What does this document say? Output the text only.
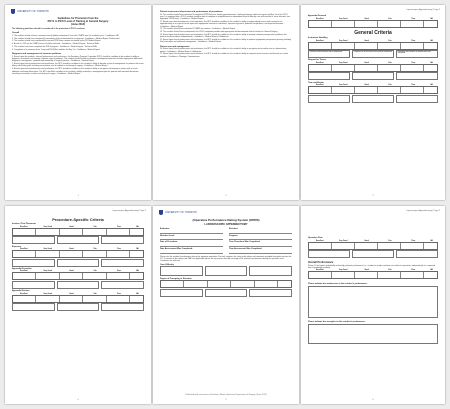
UNIVERSITY OF TORONTO
Guidelines for Promotion from the
PGY1 to PGY2 Level of Training in General Surgery
(June 2013)
The following guidelines should be considered in the promotion of PGY1 residents:
Overall

1. The resident should achieve a minimum overall global evaluation of 3 on each OSATS over the academic year - Confidence - All

2. The resident should have completed 4 procedures of the professionalism assignment - Confidence - Medical Expert, Professional

3. The resident should have completed the practice PRSI exam content accounted by the PD Medical Expert

4. A rank of >15% on the OSATS exam should be achieved - Confidence - Medical Expert - Technical Skills

5. The resident must have completed the PGLS program - Confidence - Medical Expert - Technical Skills

6. Completion of a minimum of the 3 required PGLS(lite) modules for May 1st - Confidence - Medical Expert

Diagnosis and management of common problems

1. Based upon the resident's informal performance and evaluations, the Residency Program Committee (RPC) should be confident in the resident's ability to diagnose, re-evaluate and manage common surgical problems. The resident should be able to develop a management plan that includes appropriate differential diagnoses, investigation, treatment and monitoring of surgical patients - Confidence - Medical Expert

2. Based upon clinical performance and evaluations, the RPC should be confident in the resident's ability to develop a plan of management for patients with acute biliary colic/cholecystitis including resuscitation, use of antibiotics and timing of surgery - Confidence - Medical Expert

3. Based upon clinical performance and evaluations, the RPC should be confident in the resident's ability to recognize and manage a patient with an acute abdomen and bowel obstruction. The RPC should be confident in the resident's ability to develop a management plan for patients with intestinal obstruction including resuscitation, nutrition and timing of surgery - Confidence - Medical Expert

1
Patient assessment discussion and performance of procedures

10. The resident should have submitted 3 completed OPRS forms for simple appendectomies, cholecystectomies and hernia repairs by May 1st of the PGY1 year. It is expected that a PGY1 resident should be able to complete a straightforward or intermediate level of difficulty case with minimal or some direction (see appended OPRS form) - Confidence - Medical Expert

11. Based upon clinical performance and evaluations, the RPC should be confident in the resident's ability to independently assess and consent for an appendectomy or an inguinal hernia repair with appropriate attention to indications, operative approach, potential complications, and expected outcome - Confidence - Medical Expert

12. The resident should have submitted 3 OSATS per rotation - Confidence - Medical Expert

13. The resident should have participated in the PGL1 competent portfolio with appropriate and documented clinical activities in General Surgery

14. Based upon clinical performance and evaluations, the RPC should be confident in the resident's ability to manage common postoperative problems and perform ward procedures independently - Confidence - Medical Expert, Collaborator

15. Based upon clinical performance and evaluations, the RPC should be confident in the resident's ability to perform appropriate preoperative planning including fluid, electrolyte and nutritional management - Confidence - Medical Expert

Patient care and management

16. Based upon clinical performance and evaluations, the RPC should be confident in the resident's ability to recognize and escalate care in a deteriorating patient - Confidence - Medical Expert, Collaborator

17. Based upon clinical performance and evaluations, the RPC should be confident in the resident's ability to supervise junior learners and function as a team member - Confidence - Manager, Communicator

2
Laparoscopic Appendectomy | Page 2
Appendix Removal
Excellent	Very Good	Good	Fair	Poor	NA
General Criteria
Instrument Handling
Excellent	Very Good	Good	Fair	Poor	NA
Fluid moves with instruments and no awkwardness	Competent use of instruments with occasional awkwardness	Repeatedly makes tentative or awkward moves with instruments
Respect for Tissue
Excellent	Very Good	Good	Fair	Poor	NA
Time and Motion
Excellent	Very Good	Good	Fair	Poor	NA
3
Laparoscopic Appendectomy | Page 2
Procedure-Specific Criteria
Incision / Port Placement
Excellent	Very Good	Good	Fair	Poor	NA
Exposure
Excellent	Very Good	Good	Fair	Poor	NA
Appendix Dissection
Excellent	Very Good	Good	Fair	Poor	NA
Appendix Division
Excellent	Very Good	Good	Fair	Poor	NA
4
UNIVERSITY OF TORONTO
(Operative Performance Rating System (OPRS)
LAPAROSCOPIC APPENDECTOMY
Evaluator:	Resident:
Resident Level:	Program:
Date of Procedure:	Time Procedure Was Completed:
Date Assessment Was Completed:	Time Assessment Was Completed:
Please rate the resident's performance during the operative procedure. For each criterion, the rating scale values and comments provided descriptive anchors for 1-5. If a portion of the rating scale 'N/A' was applicable please list any reasons that did not apply to the resident's performance during the operative case. Comments are welcome.
Case Difficulty
Degree of Prompting or Direction
Published with permission of Southern Illinois University Department of Surgery (June 2013)
5
Laparoscopic Appendectomy | Page 2
Operation Flow
Excellent	Very Good	Good	Fair	Poor	NA
Overall Performance
Rating 1-5 on highest individually technically proficient performance (i.e., resident is ready to perform case without supervision, independently; it is expected from a graduating resident).
Excellent	Very Good	Good	Fair	Poor	NA
Please indicate the weaknesses in the resident's performance:
Please indicate the strengths in this resident's performance:
6
